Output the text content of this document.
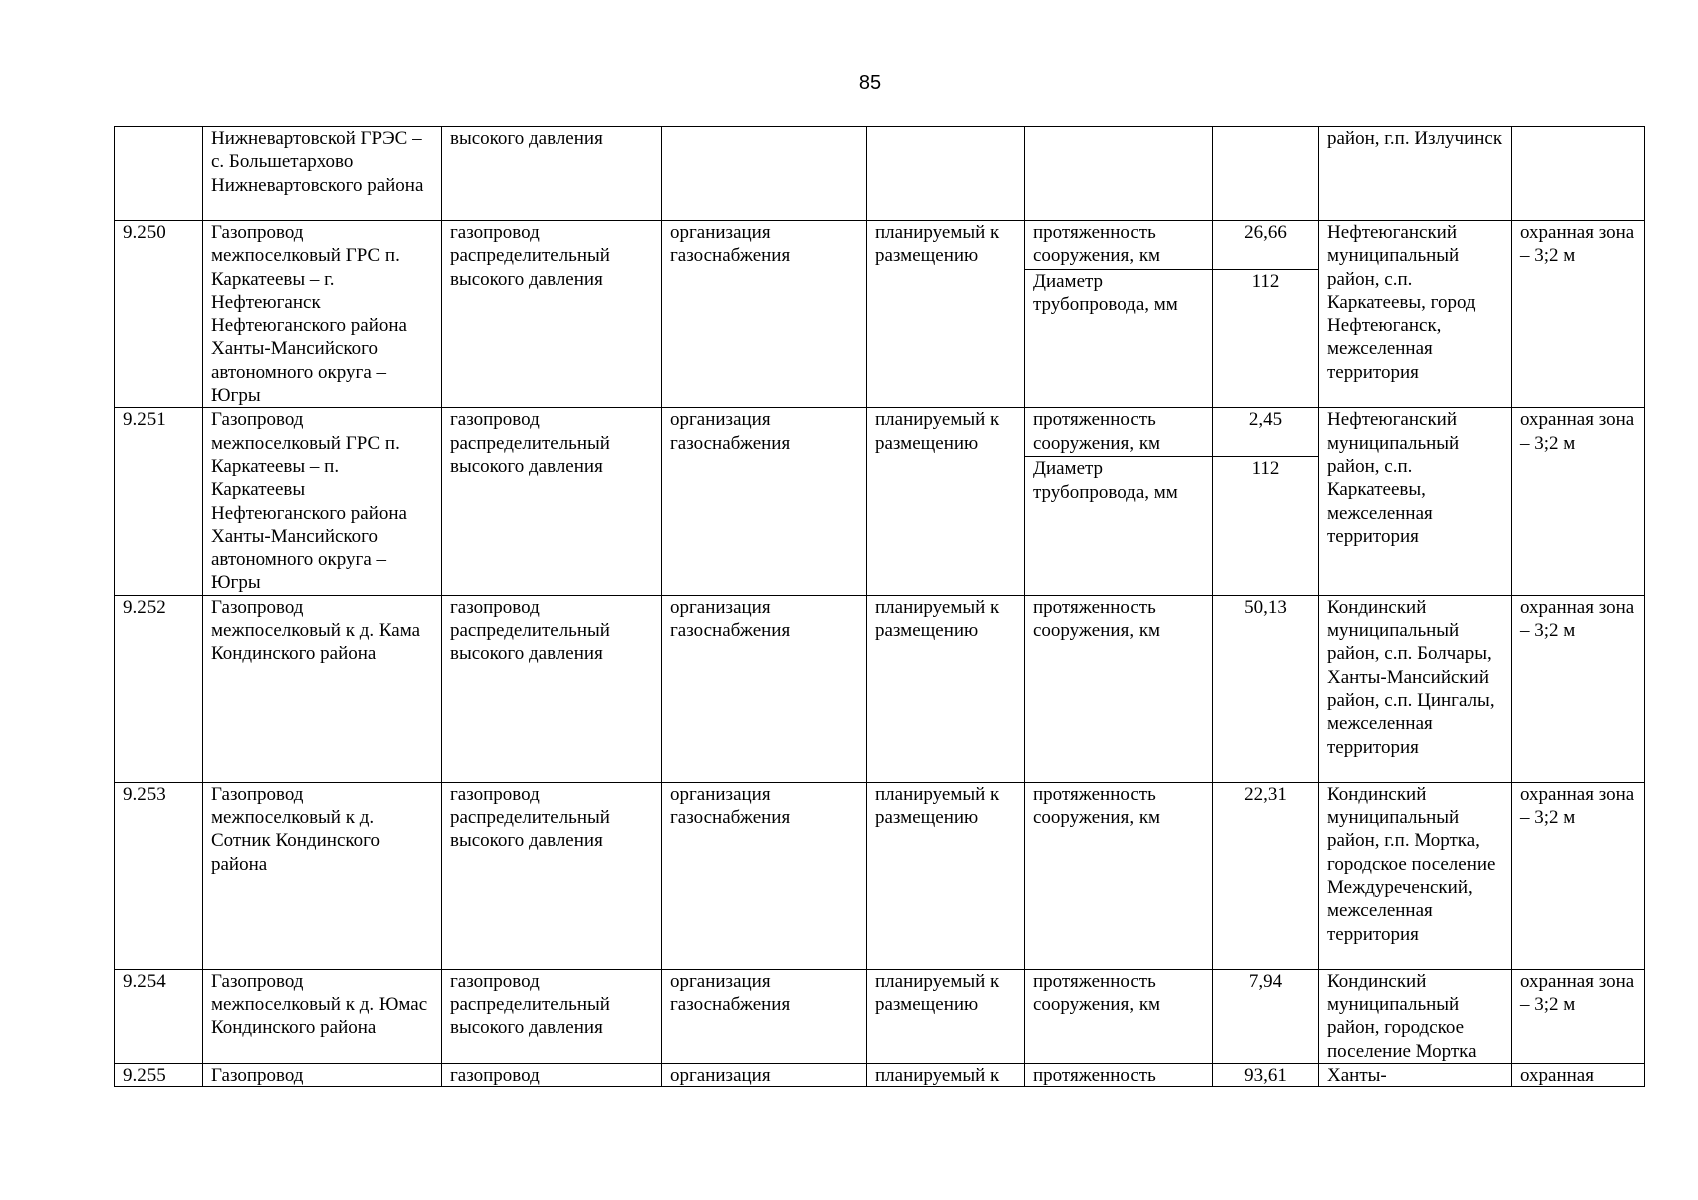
85
	Нижневартовской ГРЭС – с. Большетархово Нижневартовского района	высокого давления					район, г.п. Излучинск	
9.250	Газопровод межпоселковый ГРС п. Каркатеевы – г. Нефтеюганск Нефтеюганского района Ханты-Мансийского автономного округа – Югры	газопровод распределительный высокого давления	организация газоснабжения	планируемый к размещению	протяженность сооружения, км	26,66	Нефтеюганский муниципальный район, с.п. Каркатеевы, город Нефтеюганск, межселенная территория	охранная зона – 3;2 м
					Диаметр трубопровода, мм	112		
9.251	Газопровод межпоселковый ГРС п. Каркатеевы – п. Каркатеевы Нефтеюганского района Ханты-Мансийского автономного округа – Югры	газопровод распределительный высокого давления	организация газоснабжения	планируемый к размещению	протяженность сооружения, км	2,45	Нефтеюганский муниципальный район, с.п. Каркатеевы, межселенная территория	охранная зона – 3;2 м
					Диаметр трубопровода, мм	112		
9.252	Газопровод межпоселковый к д. Кама Кондинского района	газопровод распределительный высокого давления	организация газоснабжения	планируемый к размещению	протяженность сооружения, км	50,13	Кондинский муниципальный район, с.п. Болчары, Ханты-Мансийский район, с.п. Цингалы, межселенная территория	охранная зона – 3;2 м
9.253	Газопровод межпоселковый к д. Сотник Кондинского района	газопровод распределительный высокого давления	организация газоснабжения	планируемый к размещению	протяженность сооружения, км	22,31	Кондинский муниципальный район, г.п. Мортка, городское поселение Междуреченский, межселенная территория	охранная зона – 3;2 м
9.254	Газопровод межпоселковый к д. Юмас Кондинского района	газопровод распределительный высокого давления	организация газоснабжения	планируемый к размещению	протяженность сооружения, км	7,94	Кондинский муниципальный район, городское поселение Мортка	охранная зона – 3;2 м

9.255	Газопровод	газопровод	организация	планируемый к	протяженность	93,61	Ханты-	охранная
